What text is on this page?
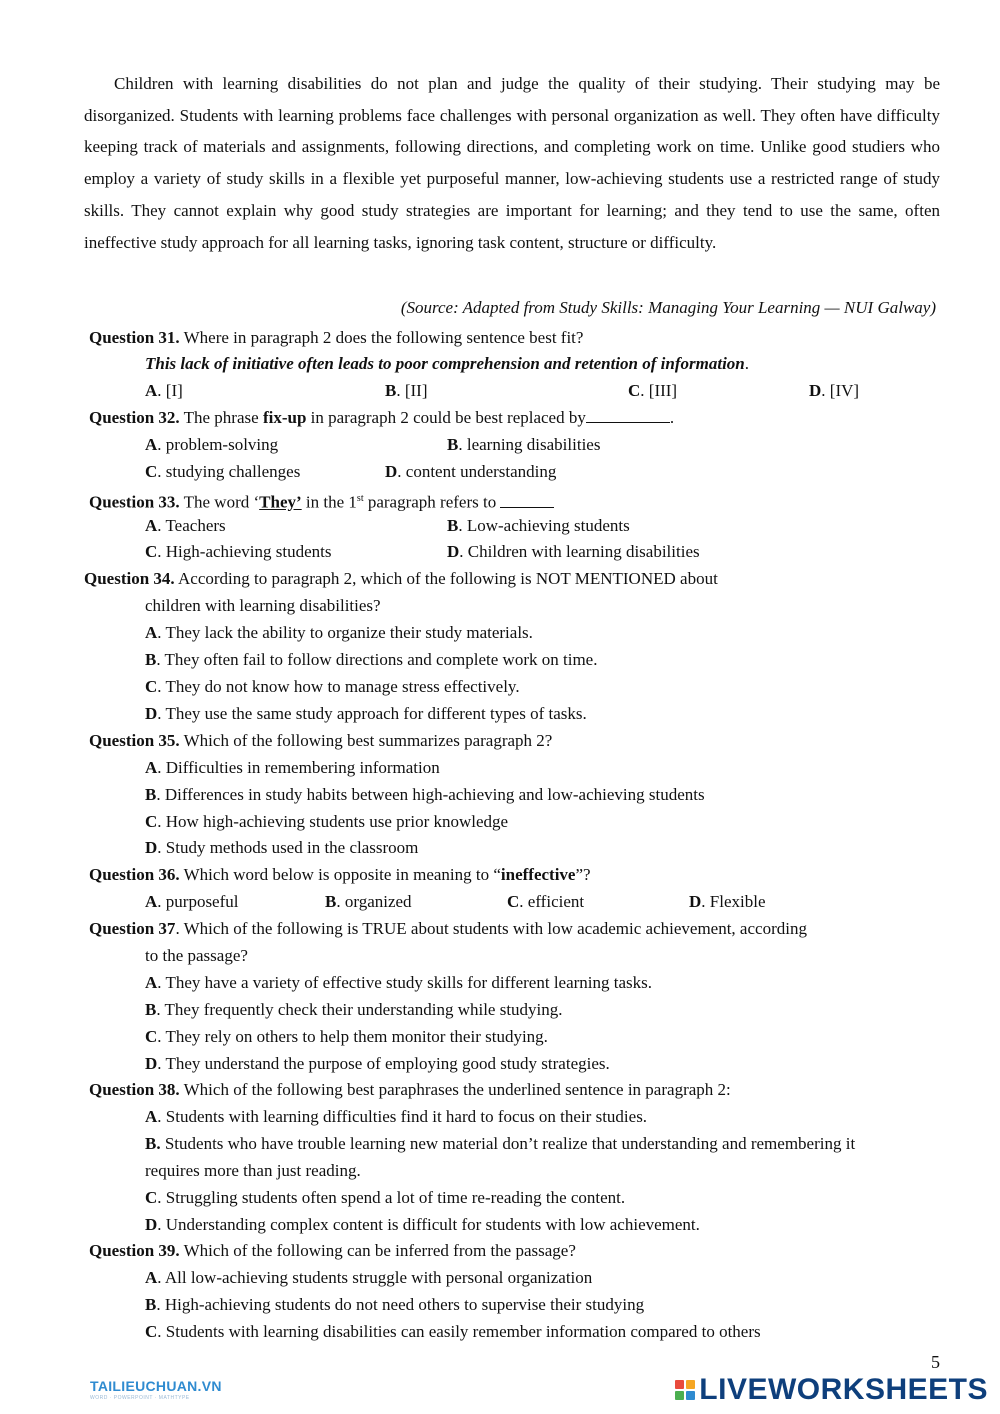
Children with learning disabilities do not plan and judge the quality of their studying. Their studying may be disorganized. Students with learning problems face challenges with personal organization as well. They often have difficulty keeping track of materials and assignments, following directions, and completing work on time. Unlike good studiers who employ a variety of study skills in a flexible yet purposeful manner, low-achieving students use a restricted range of study skills. They cannot explain why good study strategies are important for learning; and they tend to use the same, often ineffective study approach for all learning tasks, ignoring task content, structure or difficulty.

(Source: Adapted from Study Skills: Managing Your Learning — NUI Galway)
Question 31. Where in paragraph 2 does the following sentence best fit?
This lack of initiative often leads to poor comprehension and retention of information.
A. [I]	B. [II]	C. [III]	D. [IV]
Question 32. The phrase fix-up in paragraph 2 could be best replaced by	.
A. problem-solving	B. learning disabilities
C. studying challenges	D. content understanding
Question 33. The word ‘They’ in the 1st paragraph refers to
A. Teachers	B. Low-achieving students
C. High-achieving students	D. Children with learning disabilities
Question 34. According to paragraph 2, which of the following is NOT MENTIONED about
children with learning disabilities?
A. They lack the ability to organize their study materials.
B. They often fail to follow directions and complete work on time.
C. They do not know how to manage stress effectively.
D. They use the same study approach for different types of tasks.
Question 35. Which of the following best summarizes paragraph 2?
A. Difficulties in remembering information
B. Differences in study habits between high-achieving and low-achieving students
C. How high-achieving students use prior knowledge
D. Study methods used in the classroom
Question 36. Which word below is opposite in meaning to “ineffective”?
A. purposeful	B. organized	C. efficient	D. Flexible
Question 37. Which of the following is TRUE about students with low academic achievement, according
to the passage?
A. They have a variety of effective study skills for different learning tasks.
B. They frequently check their understanding while studying.
C. They rely on others to help them monitor their studying.
D. They understand the purpose of employing good study strategies.
Question 38. Which of the following best paraphrases the underlined sentence in paragraph 2:
A. Students with learning difficulties find it hard to focus on their studies.
B. Students who have trouble learning new material don’t realize that understanding and remembering it
requires more than just reading.
C. Struggling students often spend a lot of time re-reading the content.
D. Understanding complex content is difficult for students with low achievement.
Question 39. Which of the following can be inferred from the passage?
A. All low-achieving students struggle with personal organization
B. High-achieving students do not need others to supervise their studying
C. Students with learning disabilities can easily remember information compared to others
5
TAILIEUCHUAN.VN
WORD · POWERPOINT · MATHTYPE	LIVEWORKSHEETS
